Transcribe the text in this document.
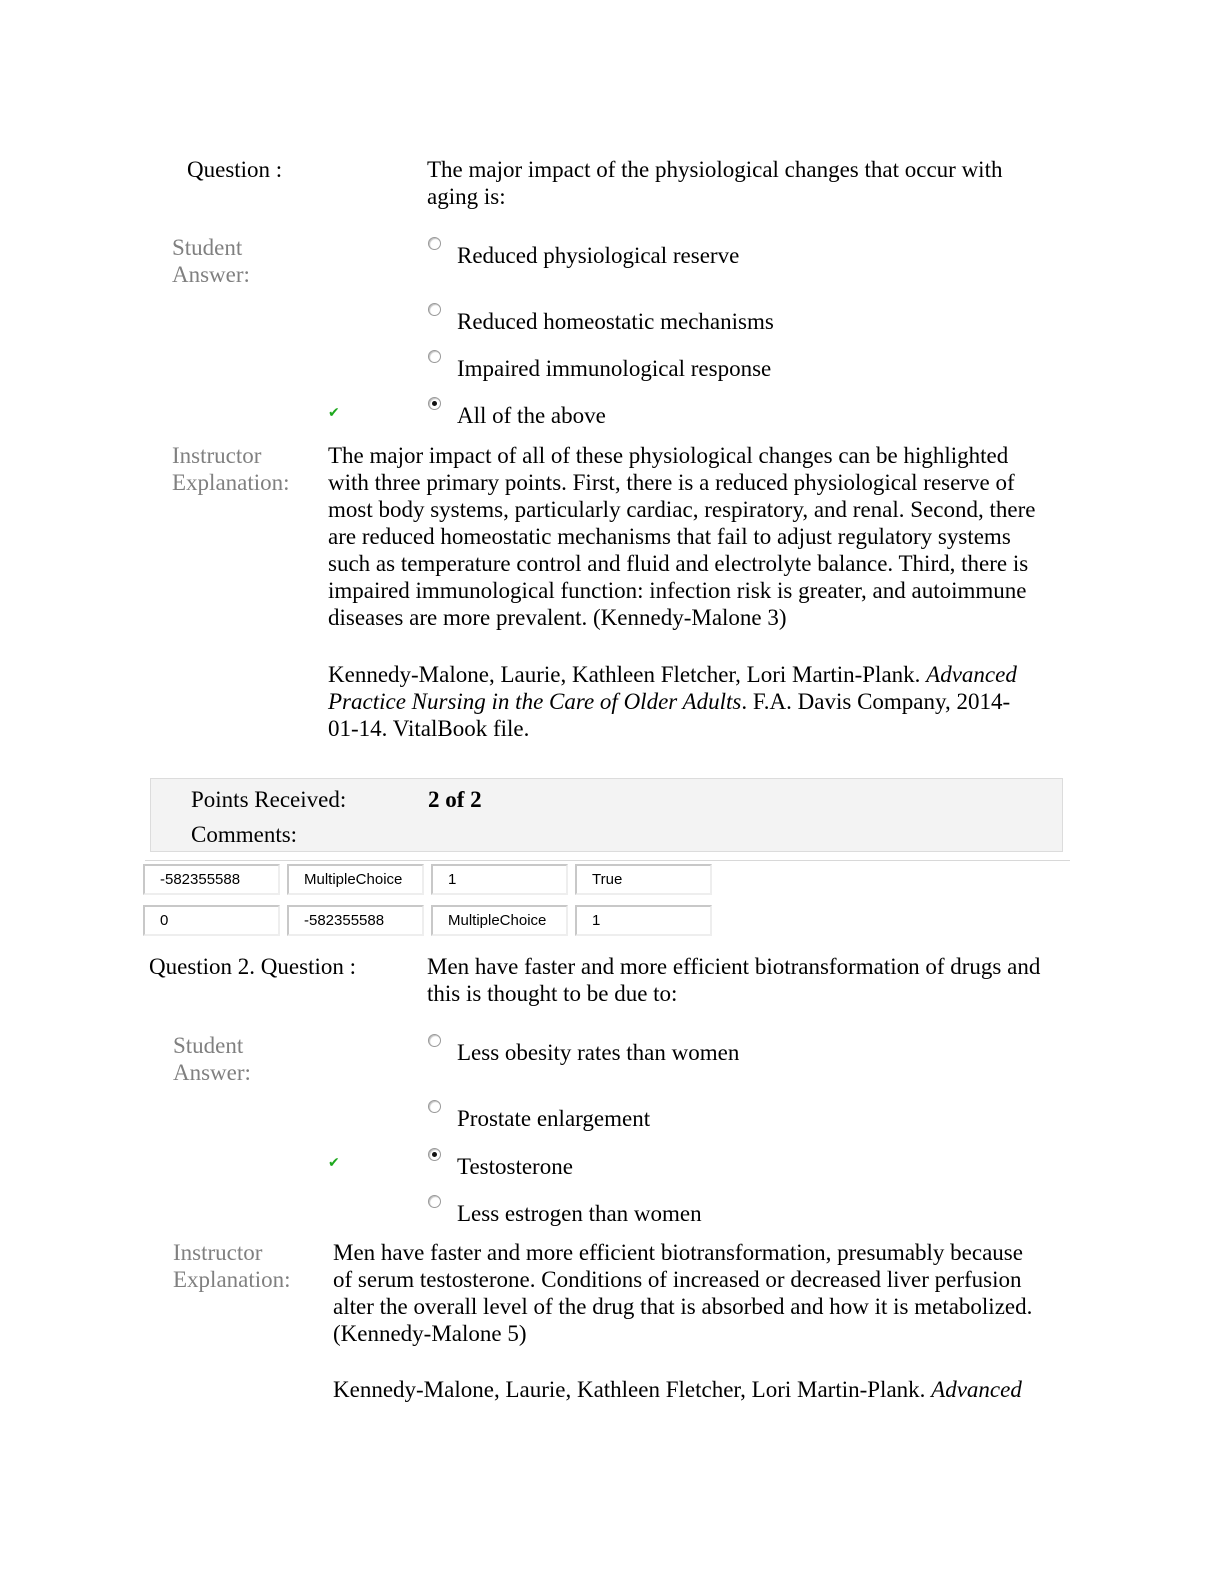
Question :	The major impact of the physiological changes that occur with
aging is:
Student
Answer:
Reduced physiological reserve
Reduced homeostatic mechanisms
Impaired immunological response
✔	All of the above
Instructor
Explanation:
The major impact of all of these physiological changes can be highlighted
with three primary points. First, there is a reduced physiological reserve of
most body systems, particularly cardiac, respiratory, and renal. Second, there
are reduced homeostatic mechanisms that fail to adjust regulatory systems
such as temperature control and fluid and electrolyte balance. Third, there is
impaired immunological function: infection risk is greater, and autoimmune
diseases are more prevalent. (Kennedy-Malone 3)
Kennedy-Malone, Laurie, Kathleen Fletcher, Lori Martin-Plank. Advanced
Practice Nursing in the Care of Older Adults. F.A. Davis Company, 2014-
01-14. VitalBook file.
Points Received:	2 of 2
Comments:
-582355588	MultipleChoice	1	True
0	-582355588	MultipleChoice	1
Question 2. Question :	Men have faster and more efficient biotransformation of drugs and
this is thought to be due to:
Student
Answer:
Less obesity rates than women
Prostate enlargement
✔	Testosterone
Less estrogen than women
Instructor
Explanation:
Men have faster and more efficient biotransformation, presumably because
of serum testosterone. Conditions of increased or decreased liver perfusion
alter the overall level of the drug that is absorbed and how it is metabolized.
(Kennedy-Malone 5)
Kennedy-Malone, Laurie, Kathleen Fletcher, Lori Martin-Plank. Advanced
